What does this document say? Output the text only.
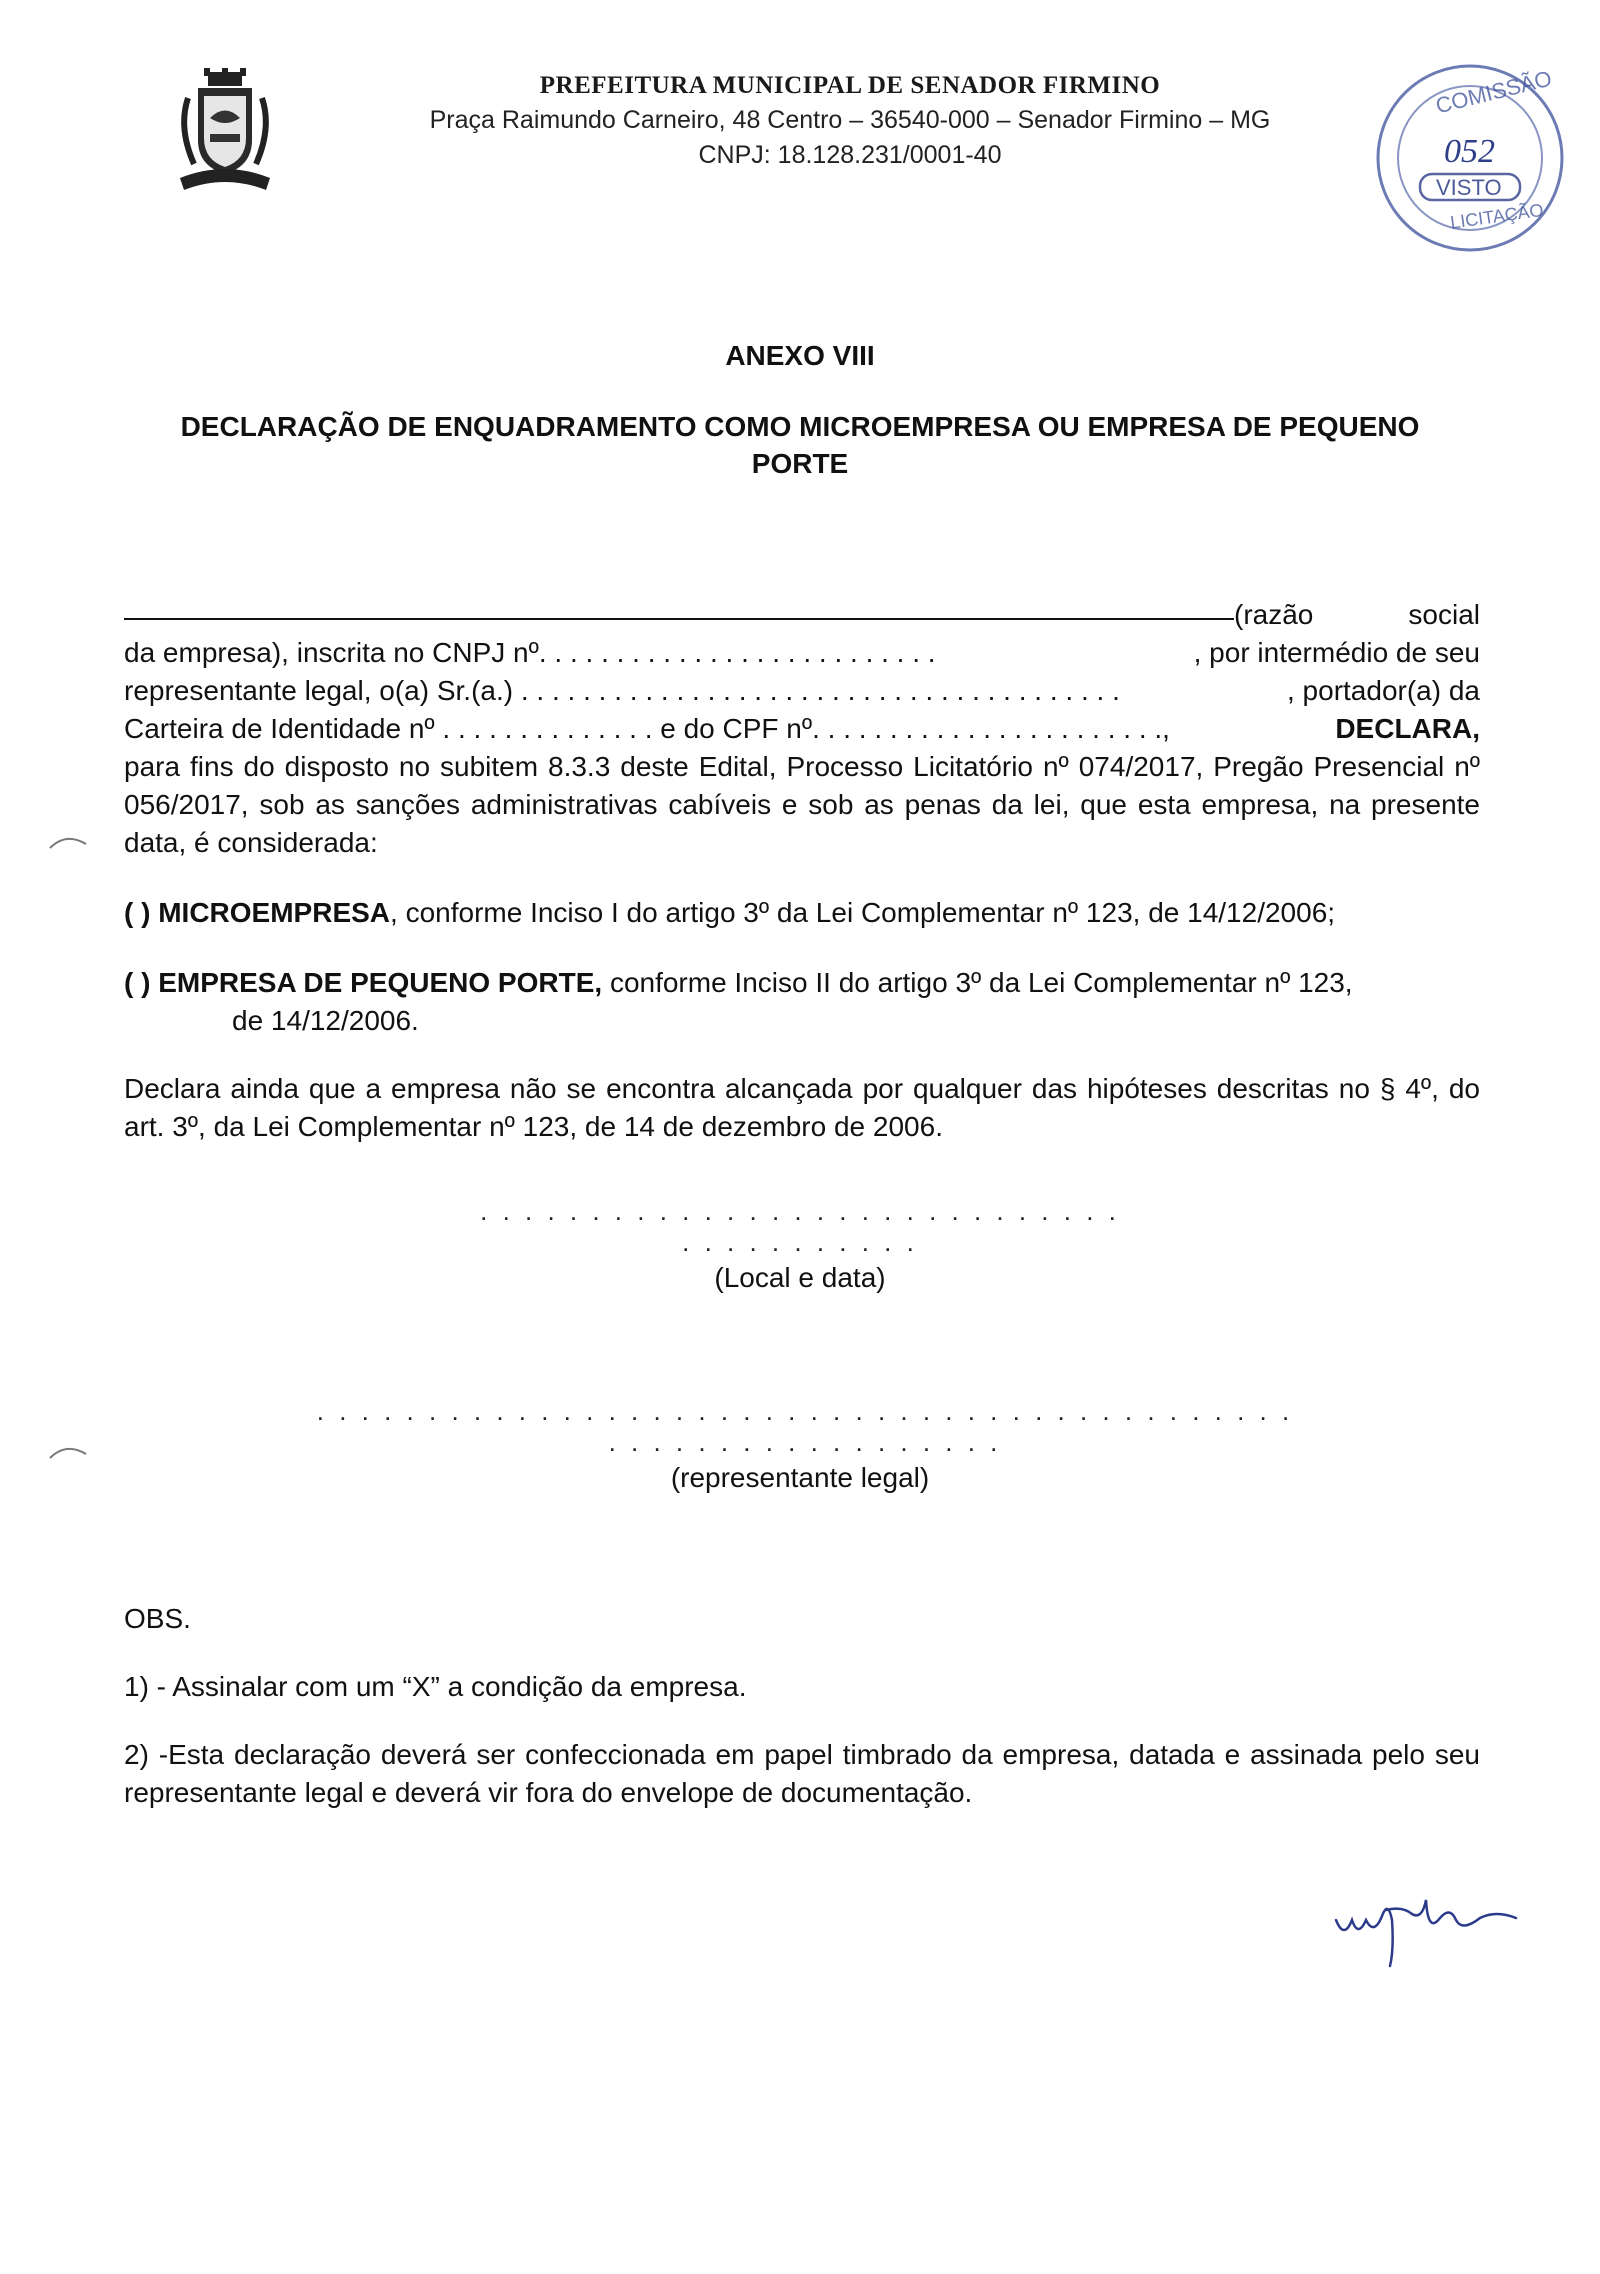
PREFEITURA MUNICIPAL DE SENADOR FIRMINO
Praça Raimundo Carneiro, 48 Centro – 36540-000 – Senador Firmino – MG
CNPJ: 18.128.231/0001-40
COMISSÃO
052
VISTO
LICITAÇÃO
ANEXO VIII
DECLARAÇÃO DE ENQUADRAMENTO COMO MICROEMPRESA OU EMPRESA DE PEQUENO PORTE

(razão	social

da empresa), inscrita no CNPJ nº. . . . . . . . . . . . . . . . . . . . . . . . . .	, por intermédio de seu

representante legal, o(a) Sr.(a.) . . . . . . . . . . . . . . . . . . . . . . . . . . . . . . . . . . . . . . .	, portador(a) da

Carteira de Identidade nº . . . . . . . . . . . . . . e do CPF nº. . . . . . . . . . . . . . . . . . . . . . .,	DECLARA,

para fins do disposto no subitem 8.3.3 deste Edital, Processo Licitatório nº 074/2017, Pregão Presencial nº 056/2017, sob as sanções administrativas cabíveis e sob as penas da lei, que esta empresa, na presente data, é considerada:

( ) MICROEMPRESA, conforme Inciso I do artigo 3º da Lei Complementar nº 123, de 14/12/2006;

( ) EMPRESA DE PEQUENO PORTE, conforme Inciso II do artigo 3º da Lei Complementar nº 123,

de 14/12/2006.

Declara ainda que a empresa não se encontra alcançada por qualquer das hipóteses descritas no § 4º, do art. 3º, da Lei Complementar nº 123, de 14 de dezembro de 2006.

. . . . . . . . . . . . . . . . . . . . . . . . . . . . . . . . . . . . . . . .
(Local e data)
. . . . . . . . . . . . . . . . . . . . . . . . . . . . . . . . . . . . . . . . . . . . . . . . . . . . . . . . . . . . . .
(representante legal)

OBS.

1) - Assinalar com um “X” a condição da empresa.

2) -Esta declaração deverá ser confeccionada em papel timbrado da empresa, datada e assinada pelo seu representante legal e deverá vir fora do envelope de documentação.
